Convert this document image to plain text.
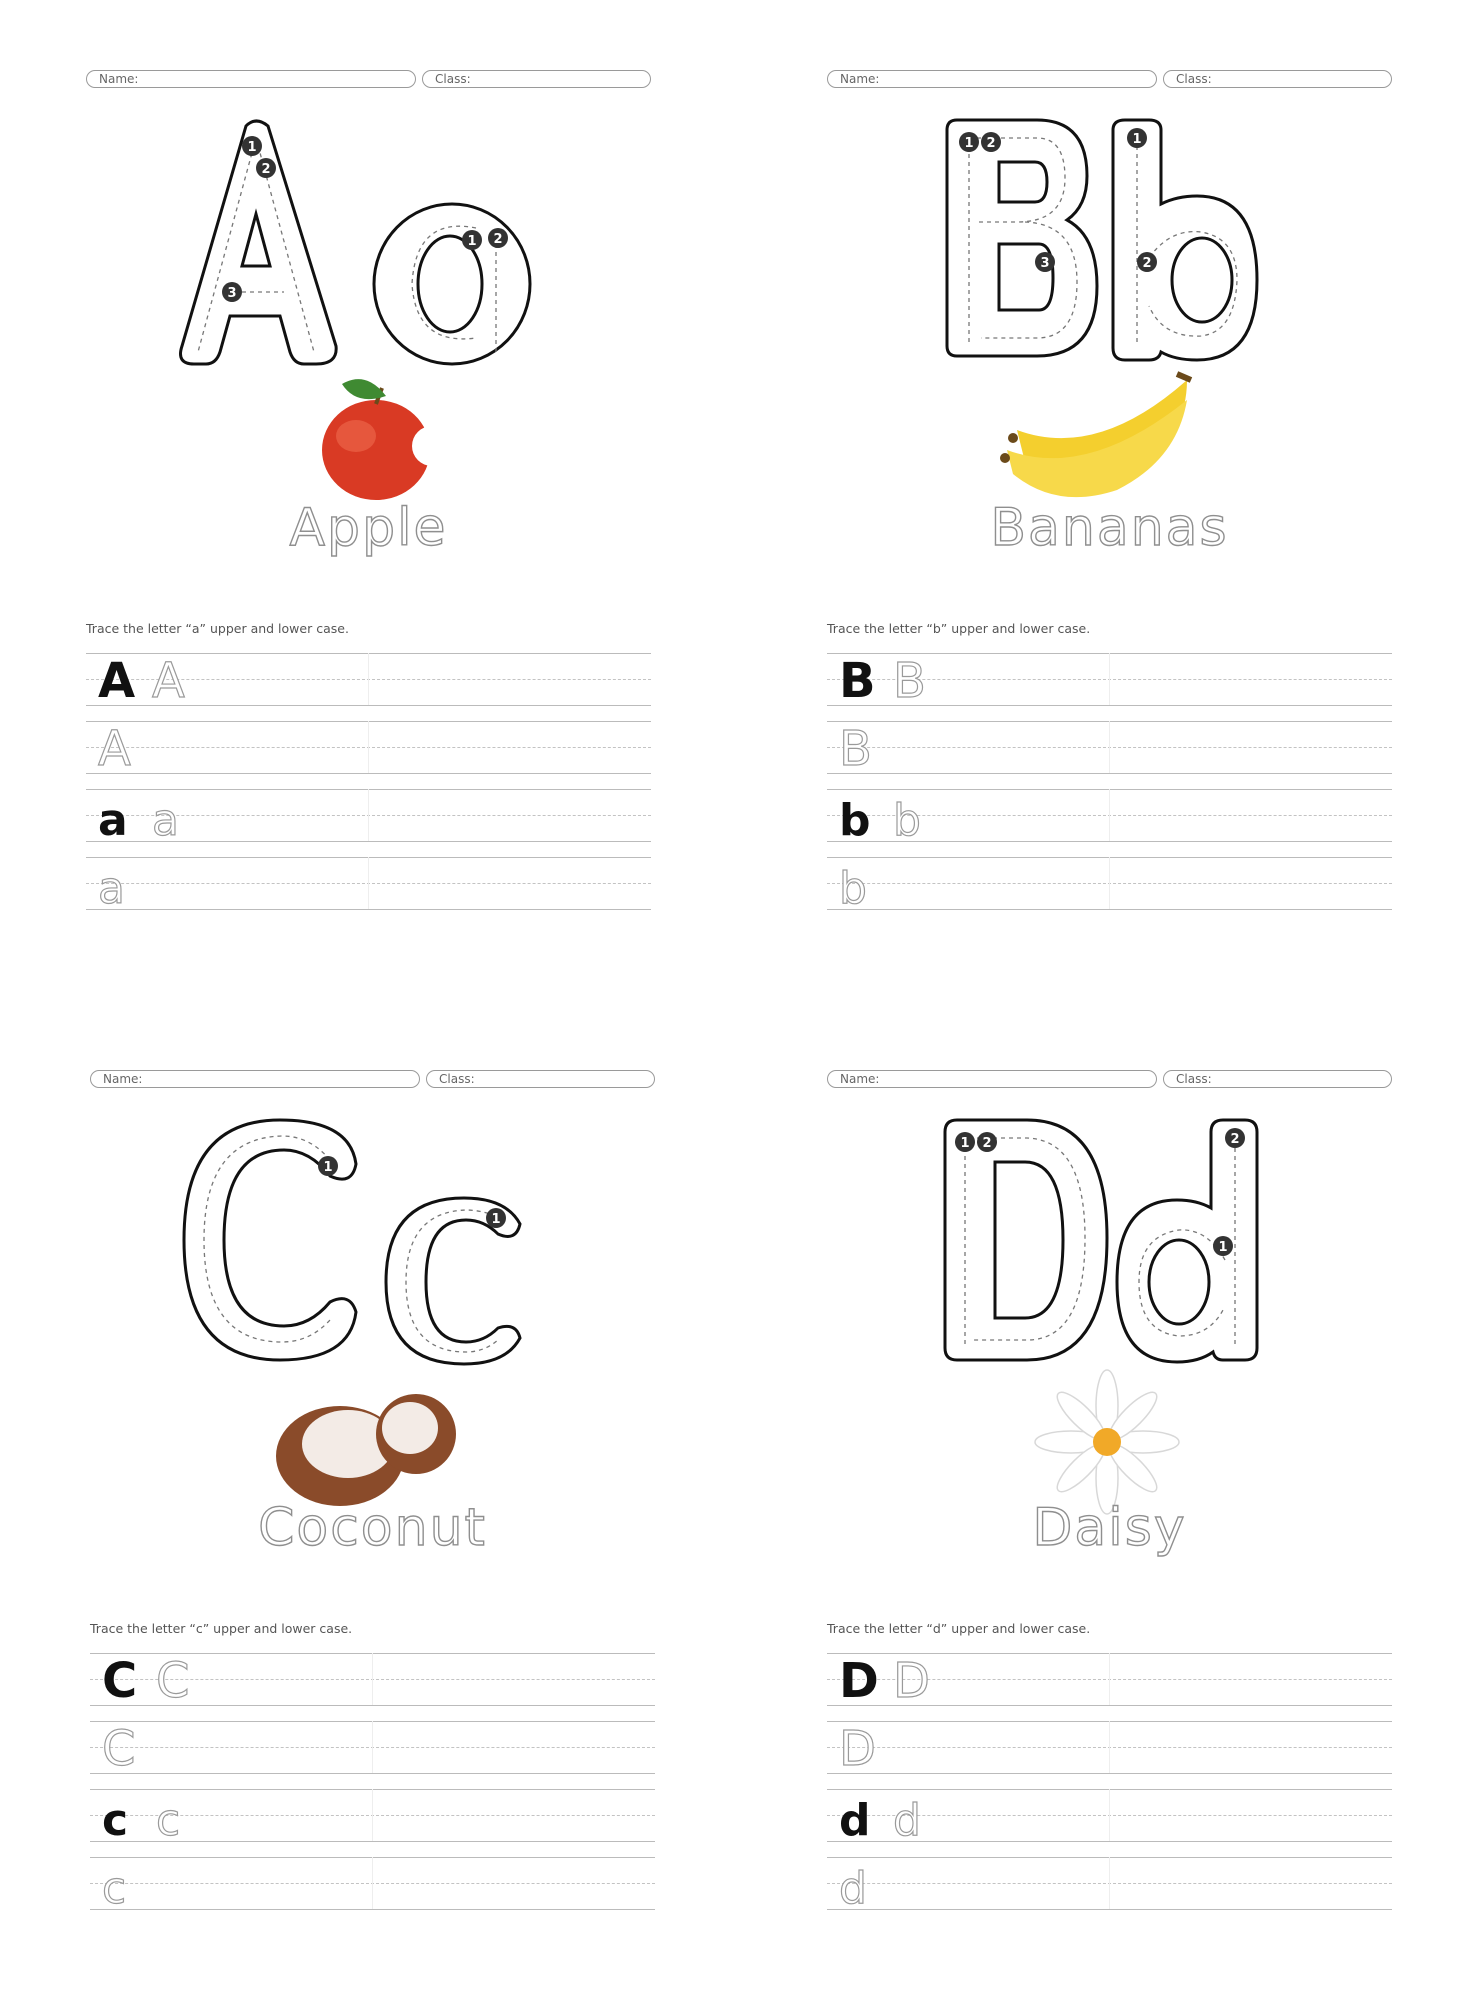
Name:	Class:
1
2
3
1 2
Apple
Trace the letter “a” upper and lower case.
A A
A
a a
a
Name:	Class:
1 2
3
1
2
Bananas
Trace the letter “b” upper and lower case.
B B
B
b b
b
Name:	Class:
1
1
Coconut
Trace the letter “c” upper and lower case.
C C
C
c c
c
Name:	Class:
1 2
1
2
Daisy
Trace the letter “d” upper and lower case.
D D
D
d d
d
